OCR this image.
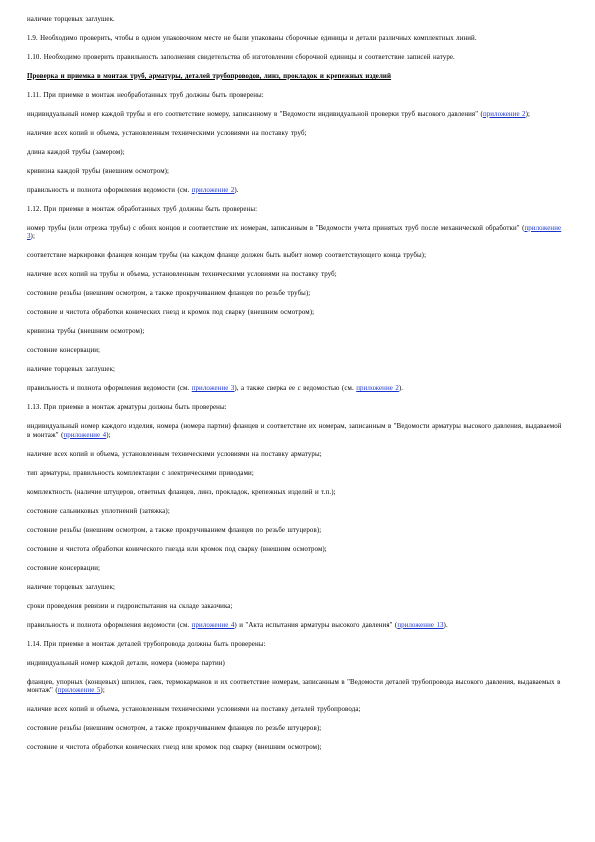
наличие торцевых заглушек.

1.9. Необходимо проверить, чтобы в одном упаковочном месте не были упакованы сборочные единицы и детали различных комплектных линий.

1.10. Необходимо проверить правильность заполнения свидетельства об изготовлении сборочной единицы и соответствие записей натуре.

Проверка и приемка в монтаж труб, арматуры, деталей трубопроводов, линз, прокладок и крепежных изделий

1.11. При приемке в монтаж необработанных труб должны быть проверены:

индивидуальный номер каждой трубы и его соответствие номеру, записанному в "Ведомости индивидуальной проверки труб высокого давления" (приложение 2);

наличие всех копий и объема, установленным техническими условиями на поставку труб;

длина каждой трубы (замером);

кривизна каждой трубы (внешним осмотром);

правильность и полнота оформления ведомости (см. приложение 2).

1.12. При приемке в монтаж обработанных труб должны быть проверены:

номер трубы (или отрезка трубы) с обоих концов и соответствие их номерам, записанным в "Ведомости учета принятых труб после механической обработки" (приложение 3);

соответствие маркировки фланцев концам трубы (на каждом фланце должен быть выбит номер соответствующего конца трубы);

наличие всех копий на трубы и объема, установленным техническими условиями на поставку труб;

состояние резьбы (внешним осмотром, а также прокручиванием фланцев по резьбе трубы);

состояние и чистота обработки конических гнезд и кромок под сварку (внешним осмотром);

кривизна трубы (внешним осмотром);

состояние консервации;

наличие торцевых заглушек;

правильность и полнота оформления ведомости (см. приложение 3), а также сверка ее с ведомостью (см. приложение 2).

1.13. При приемке в монтаж арматуры должны быть проверены:

индивидуальный номер каждого изделия, номера (номера партии) фланцев и соответствие их номерам, записанным в "Ведомости арматуры высокого давления, выдаваемой в монтаж" (приложение 4);

наличие всех копий и объема, установленным техническими условиями на поставку арматуры;

тип арматуры, правильность комплектации с электрическими приводами;

комплектность (наличие штуцеров, ответных фланцев, линз, прокладок, крепежных изделий и т.п.);

состояние сальниковых уплотнений (затяжка);

состояние резьбы (внешним осмотром, а также прокручиванием фланцев по резьбе штуцеров);

состояние и чистота обработки конического гнезда или кромок под сварку (внешним осмотром);

состояние консервации;

наличие торцевых заглушек;

сроки проведения ревизии и гидроиспытания на складе заказчика;

правильность и полнота оформления ведомости (см. приложение 4) и "Акта испытания арматуры высокого давления" (приложение 13).

1.14. При приемке в монтаж деталей трубопровода должны быть проверены:

индивидуальный номер каждой детали, номера (номера партии)

фланцев, упорных (концевых) шпилек, гаек, термокарманов и их соответствие номерам, записанным в "Ведомости деталей трубопровода высокого давления, выдаваемых в монтаж" (приложение 5);

наличие всех копий и объема, установленным техническими условиями на поставку деталей трубопровода;

состояние резьбы (внешним осмотром, а также прокручиванием фланцев по резьбе штуцеров);

состояние и чистота обработки конических гнезд или кромок под сварку (внешним осмотром);
